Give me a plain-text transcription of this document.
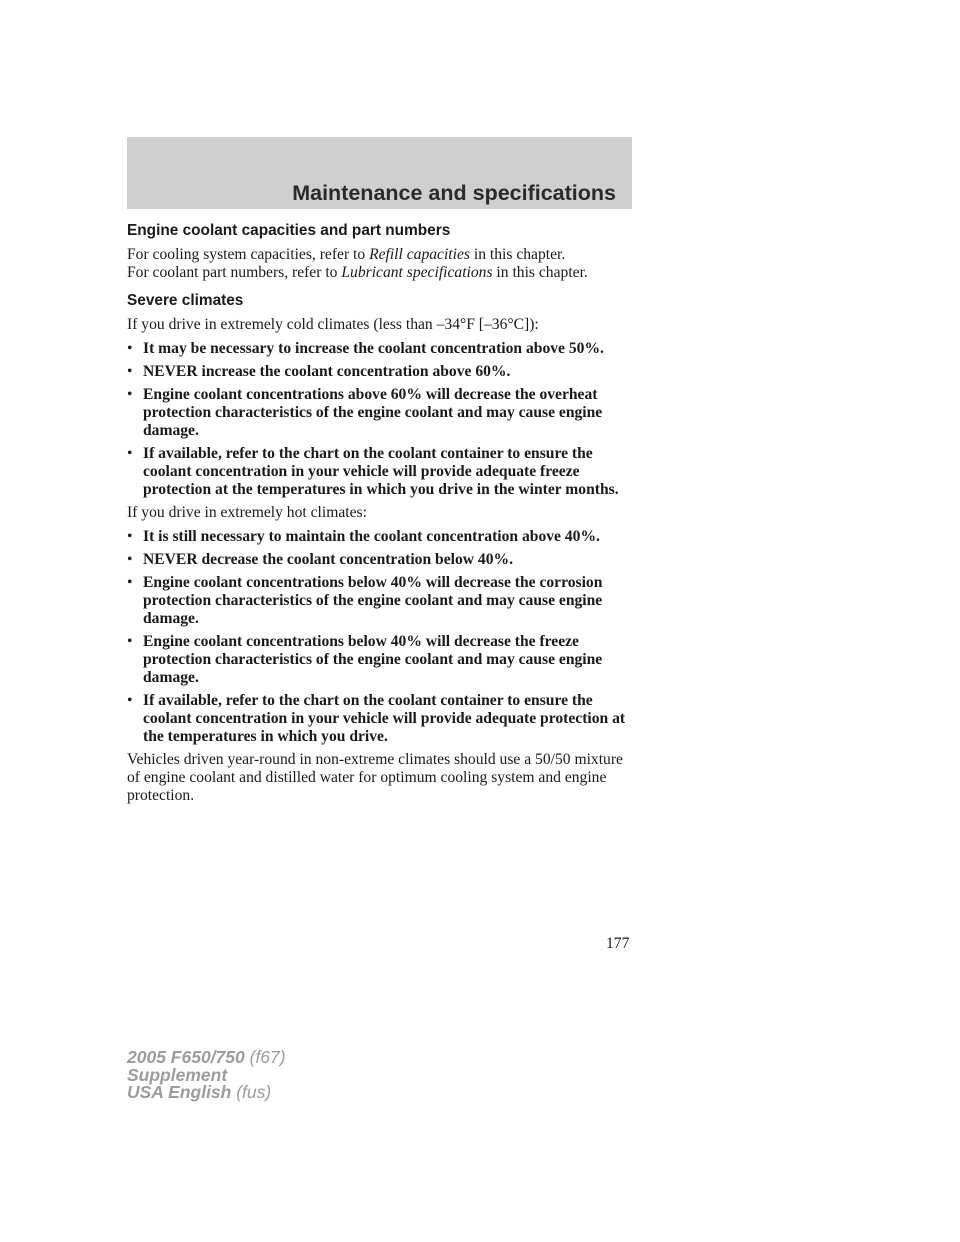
Maintenance and specifications
Engine coolant capacities and part numbers
For cooling system capacities, refer to Refill capacities in this chapter.
For coolant part numbers, refer to Lubricant specifications in this chapter.
Severe climates
If you drive in extremely cold climates (less than –34°F [–36°C]):
• It may be necessary to increase the coolant concentration above 50%.
• NEVER increase the coolant concentration above 60%.
• Engine coolant concentrations above 60% will decrease the overheat protection characteristics of the engine coolant and may cause engine damage.
• If available, refer to the chart on the coolant container to ensure the coolant concentration in your vehicle will provide adequate freeze protection at the temperatures in which you drive in the winter months.
If you drive in extremely hot climates:
• It is still necessary to maintain the coolant concentration above 40%.
• NEVER decrease the coolant concentration below 40%.
• Engine coolant concentrations below 40% will decrease the corrosion protection characteristics of the engine coolant and may cause engine damage.
• Engine coolant concentrations below 40% will decrease the freeze protection characteristics of the engine coolant and may cause engine damage.
• If available, refer to the chart on the coolant container to ensure the coolant concentration in your vehicle will provide adequate protection at the temperatures in which you drive.
Vehicles driven year-round in non-extreme climates should use a 50/50 mixture of engine coolant and distilled water for optimum cooling system and engine protection.
177
2005 F650/750 (f67)
Supplement
USA English (fus)
